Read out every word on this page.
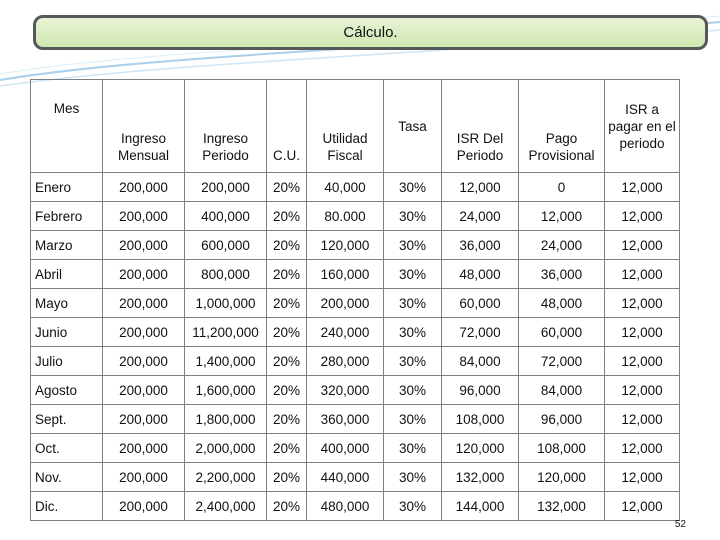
Cálculo.
Mes	Ingreso Mensual	Ingreso Periodo	C.U.	Utilidad Fiscal	Tasa	ISR Del Periodo	Pago Provisional	ISR a pagar en el periodo
Enero	200,000	200,000	20%	40,000	30%	12,000	0	12,000
Febrero	200,000	400,000	20%	80.000	30%	24,000	12,000	12,000
Marzo	200,000	600,000	20%	120,000	30%	36,000	24,000	12,000
Abril	200,000	800,000	20%	160,000	30%	48,000	36,000	12,000
Mayo	200,000	1,000,000	20%	200,000	30%	60,000	48,000	12,000
Junio	200,000	11,200,000	20%	240,000	30%	72,000	60,000	12,000
Julio	200,000	1,400,000	20%	280,000	30%	84,000	72,000	12,000
Agosto	200,000	1,600,000	20%	320,000	30%	96,000	84,000	12,000
Sept.	200,000	1,800,000	20%	360,000	30%	108,000	96,000	12,000
Oct.	200,000	2,000,000	20%	400,000	30%	120,000	108,000	12,000
Nov.	200,000	2,200,000	20%	440,000	30%	132,000	120,000	12,000
Dic.	200,000	2,400,000	20%	480,000	30%	144,000	132,000	12,000
52
